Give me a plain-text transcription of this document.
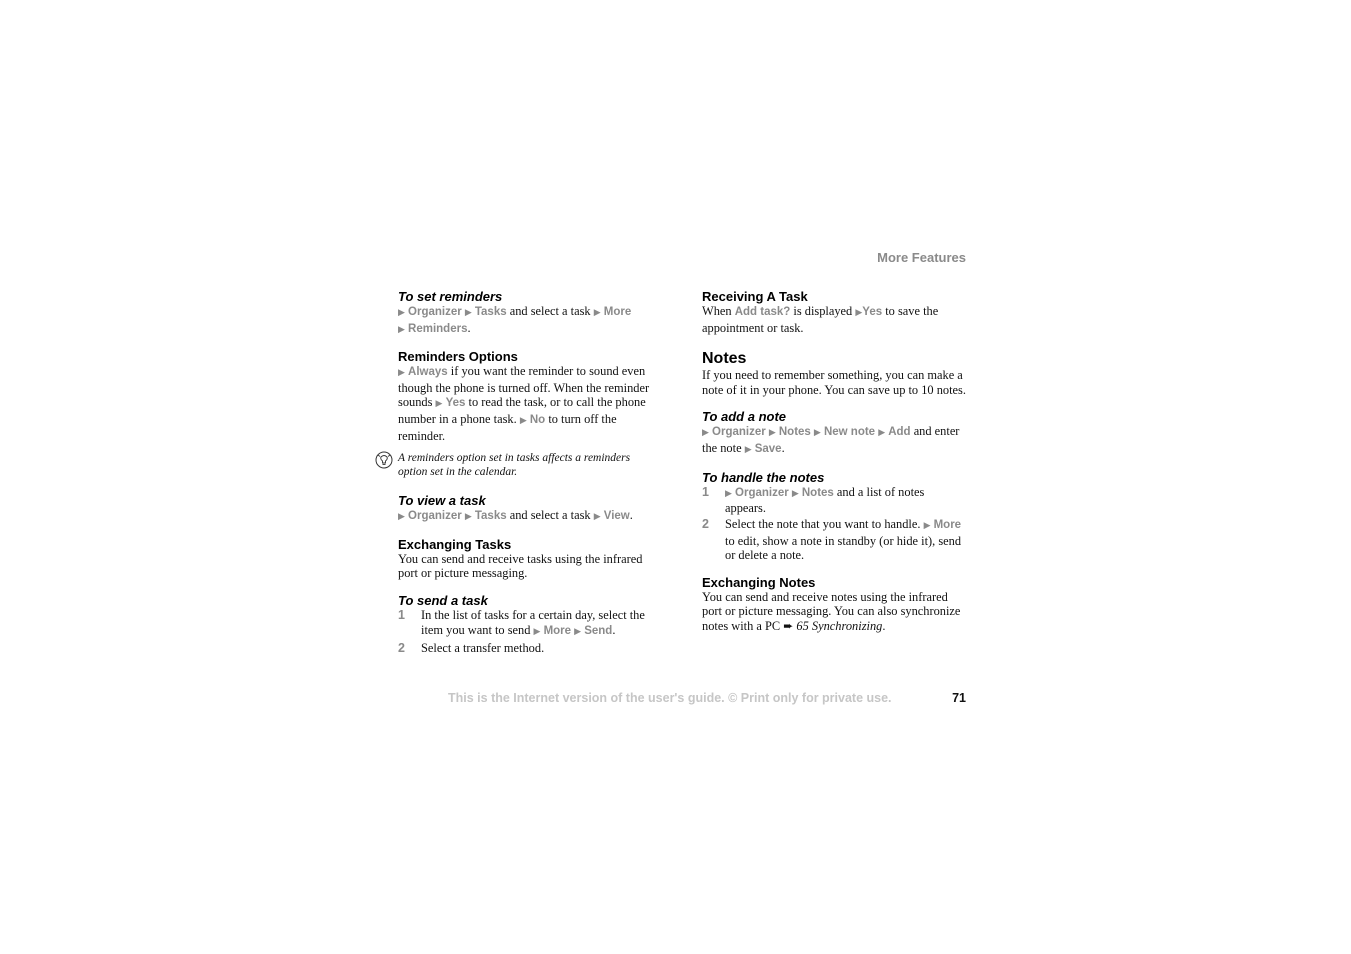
More Features
To set reminders

▶ Organizer ▶ Tasks and select a task ▶ More
▶ Reminders.

Reminders Options

▶ Always if you want the reminder to sound even though the phone is turned off. When the reminder sounds ▶ Yes to read the task, or to call the phone number in a phone task. ▶ No to turn off the reminder.

A reminders option set in tasks affects a reminders option set in the calendar.

To view a task

▶ Organizer ▶ Tasks and select a task ▶ View.

Exchanging Tasks

You can send and receive tasks using the infrared port or picture messaging.

To send a task
1 In the list of tasks for a certain day, select the item you want to send ▶ More ▶ Send.
2 Select a transfer method.
Receiving A Task

When Add task? is displayed ▶Yes to save the appointment or task.

Notes

If you need to remember something, you can make a note of it in your phone. You can save up to 10 notes.

To add a note

▶ Organizer ▶ Notes ▶ New note ▶ Add and enter the note ▶ Save.

To handle the notes
1 ▶ Organizer ▶ Notes and a list of notes appears.
2 Select the note that you want to handle. ▶ More to edit, show a note in standby (or hide it), send or delete a note.
Exchanging Notes

You can send and receive notes using the infrared port or picture messaging. You can also synchronize notes with a PC ➨ 65 Synchronizing.

This is the Internet version of the user's guide. © Print only for private use.	71
